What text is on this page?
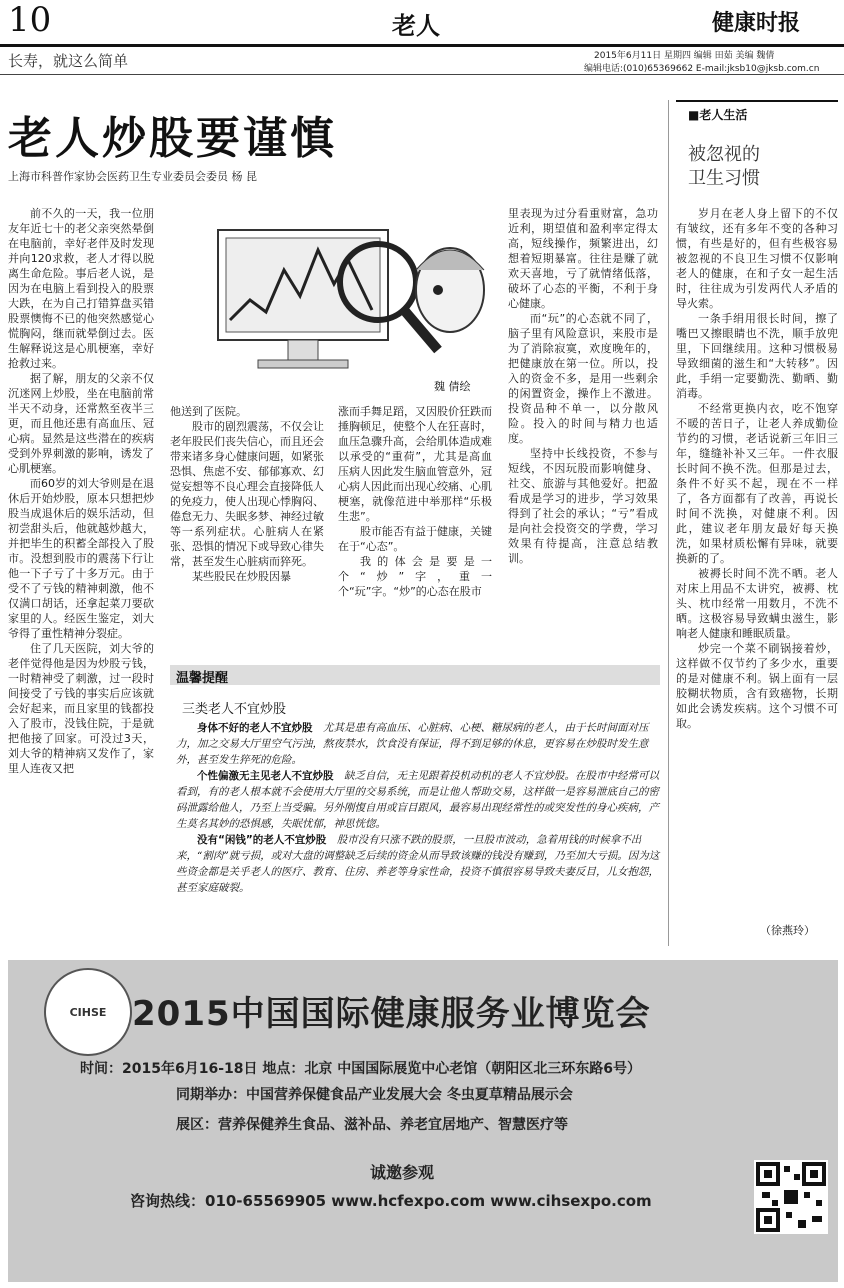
10	老人	健康时报
长寿，就这么简单	2015年6月11日 星期四 编辑 田茹 美编 魏倩
编辑电话:(010)65369662 E-mail:jksb10@jksb.com.cn
老人炒股要谨慎
上海市科普作家协会医药卫生专业委员会委员 杨 昆
魏 倩绘

前不久的一天，我一位朋友年近七十的老父亲突然晕倒在电脑前，幸好老伴及时发现并向120求救，老人才得以脱离生命危险。事后老人说，是因为在电脑上看到投入的股票大跌，在为自己打错算盘买错股票懊悔不已的他突然感觉心慌胸闷，继而就晕倒过去。医生解释说这是心肌梗塞，幸好抢救过来。

据了解，朋友的父亲不仅沉迷网上炒股，坐在电脑前常半天不动身，还常熬至夜半三更，而且他还患有高血压、冠心病。显然是这些潜在的疾病受到外界刺激的影响，诱发了心肌梗塞。

而60岁的刘大爷则是在退休后开始炒股，原本只想把炒股当成退休后的娱乐活动，但初尝甜头后，他就越炒越大，并把毕生的积蓄全部投入了股市。没想到股市的震荡下行让他一下子亏了十多万元。由于受不了亏钱的精神刺激，他不仅满口胡话，还拿起菜刀要砍家里的人。经医生鉴定，刘大爷得了重性精神分裂症。

住了几天医院，刘大爷的老伴觉得他是因为炒股亏钱，一时精神受了刺激，过一段时间接受了亏钱的事实后应该就会好起来，而且家里的钱都投入了股市，没钱住院，于是就把他接了回家。可没过3天，刘大爷的精神病又发作了，家里人连夜又把

他送到了医院。

股市的剧烈震荡，不仅会让老年股民们丧失信心，而且还会带来诸多身心健康问题，如紧张恐惧、焦虑不安、郁郁寡欢、幻觉妄想等不良心理会直接降低人的免疫力，使人出现心悸胸闷、倦怠无力、失眠多梦、神经过敏等一系列症状。心脏病人在紧张、恐惧的情况下或导致心律失常，甚至发生心脏病而猝死。

某些股民在炒股因暴

涨而手舞足蹈，又因股价狂跌而捶胸顿足，使整个人在狂喜时，血压急骤升高，会给肌体造成难以承受的“重荷”，尤其是高血压病人因此发生脑血管意外，冠心病人因此而出现心绞痛、心肌梗塞，就像范进中举那样“乐极生悲”。

股市能否有益于健康，关键在于“心态”。

我的体会是要是一个“炒”字，重一个“玩”字。“炒”的心态在股市

里表现为过分看重财富，急功近利，期望值和盈利率定得太高，短线操作，频繁进出，幻想着短期暴富。往往是赚了就欢天喜地，亏了就情绪低落，破坏了心态的平衡，不利于身心健康。

而“玩”的心态就不同了，脑子里有风险意识，来股市是为了消除寂寞，欢度晚年的，把健康放在第一位。所以，投入的资金不多，是用一些剩余的闲置资金，操作上不激进。投资品种不单一，以分散风险。投入的时间与精力也适度。

坚持中长线投资，不参与短线，不因玩股而影响健身、社交、旅游与其他爱好。把盈看成是学习的进步，学习效果得到了社会的承认；“亏”看成是向社会投资交的学费，学习效果有待提高，注意总结教训。

温馨提醒
三类老人不宜炒股

身体不好的老人不宜炒股　 尤其是患有高血压、心脏病、心梗、糖尿病的老人，由于长时间面对压力，加之交易大厅里空气污浊，熬夜禁水，饮食没有保证，得不到足够的休息，更容易在炒股时发生意外，甚至发生猝死的危险。

个性偏激无主见老人不宜炒股　 缺乏自信，无主见跟着投机动机的老人不宜炒股。在股市中经常可以看到，有的老人根本就不会使用大厅里的交易系统，而是让他人帮助交易，这样做一是容易泄底自己的密码泄露给他人，乃至上当受骗。另外刚愎自用或盲目跟风，最容易出现经常性的或突发性的身心疾病，产生莫名其妙的恐惧感，失眠忧郁，神思恍惚。

没有“闲钱”的老人不宜炒股　 股市没有只涨不跌的股票，一旦股市波动，急着用钱的时候拿不出来，“割肉”就亏损，或对大盘的调整缺乏后续的资金从而导致该赚的钱没有赚到，乃至加大亏损。因为这些资金都是关乎老人的医疗、教育、住房、养老等身家性命，投资不慎很容易导致夫妻反目，儿女抱怨，甚至家庭破裂。

■老人生活
被忽视的
卫生习惯

岁月在老人身上留下的不仅有皱纹，还有多年不变的各种习惯，有些是好的，但有些极容易被忽视的不良卫生习惯不仅影响老人的健康，在和子女一起生活时，往往成为引发两代人矛盾的导火索。

一条手绢用很长时间，擦了嘴巴又擦眼睛也不洗，顺手放兜里，下回继续用。这种习惯极易导致细菌的滋生和“大转移”。因此，手绢一定要勤洗、勤晒、勤消毒。

不经常更换内衣，吃不饱穿不暖的苦日子，让老人养成勤俭节约的习惯，老话说新三年旧三年，缝缝补补又三年。一件衣服长时间不换不洗。但那是过去，条件不好买不起，现在不一样了，各方面都有了改善，再说长时间不洗换，对健康不利。因此，建议老年朋友最好每天换洗，如果材质松懈有异味，就要换新的了。

被褥长时间不洗不晒。老人对床上用品不太讲究，被褥、枕头、枕巾经常一用数月，不洗不晒。这极容易导致螨虫滋生，影响老人健康和睡眠质量。

炒完一个菜不刷锅接着炒，这样做不仅节约了多少水，重要的是对健康不利。锅上面有一层胶糊状物质，含有致癌物，长期如此会诱发疾病。这个习惯不可取。

（徐燕玲）
CIHSE 2015中国国际健康服务业博览会
时间：2015年6月16-18日 地点：北京 中国国际展览中心老馆（朝阳区北三环东路6号）
同期举办：中国营养保健食品产业发展大会 冬虫夏草精品展示会
展区：营养保健养生食品、滋补品、养老宜居地产、智慧医疗等
诚邀参观
咨询热线：010-65569905 www.hcfexpo.com www.cihsexpo.com
